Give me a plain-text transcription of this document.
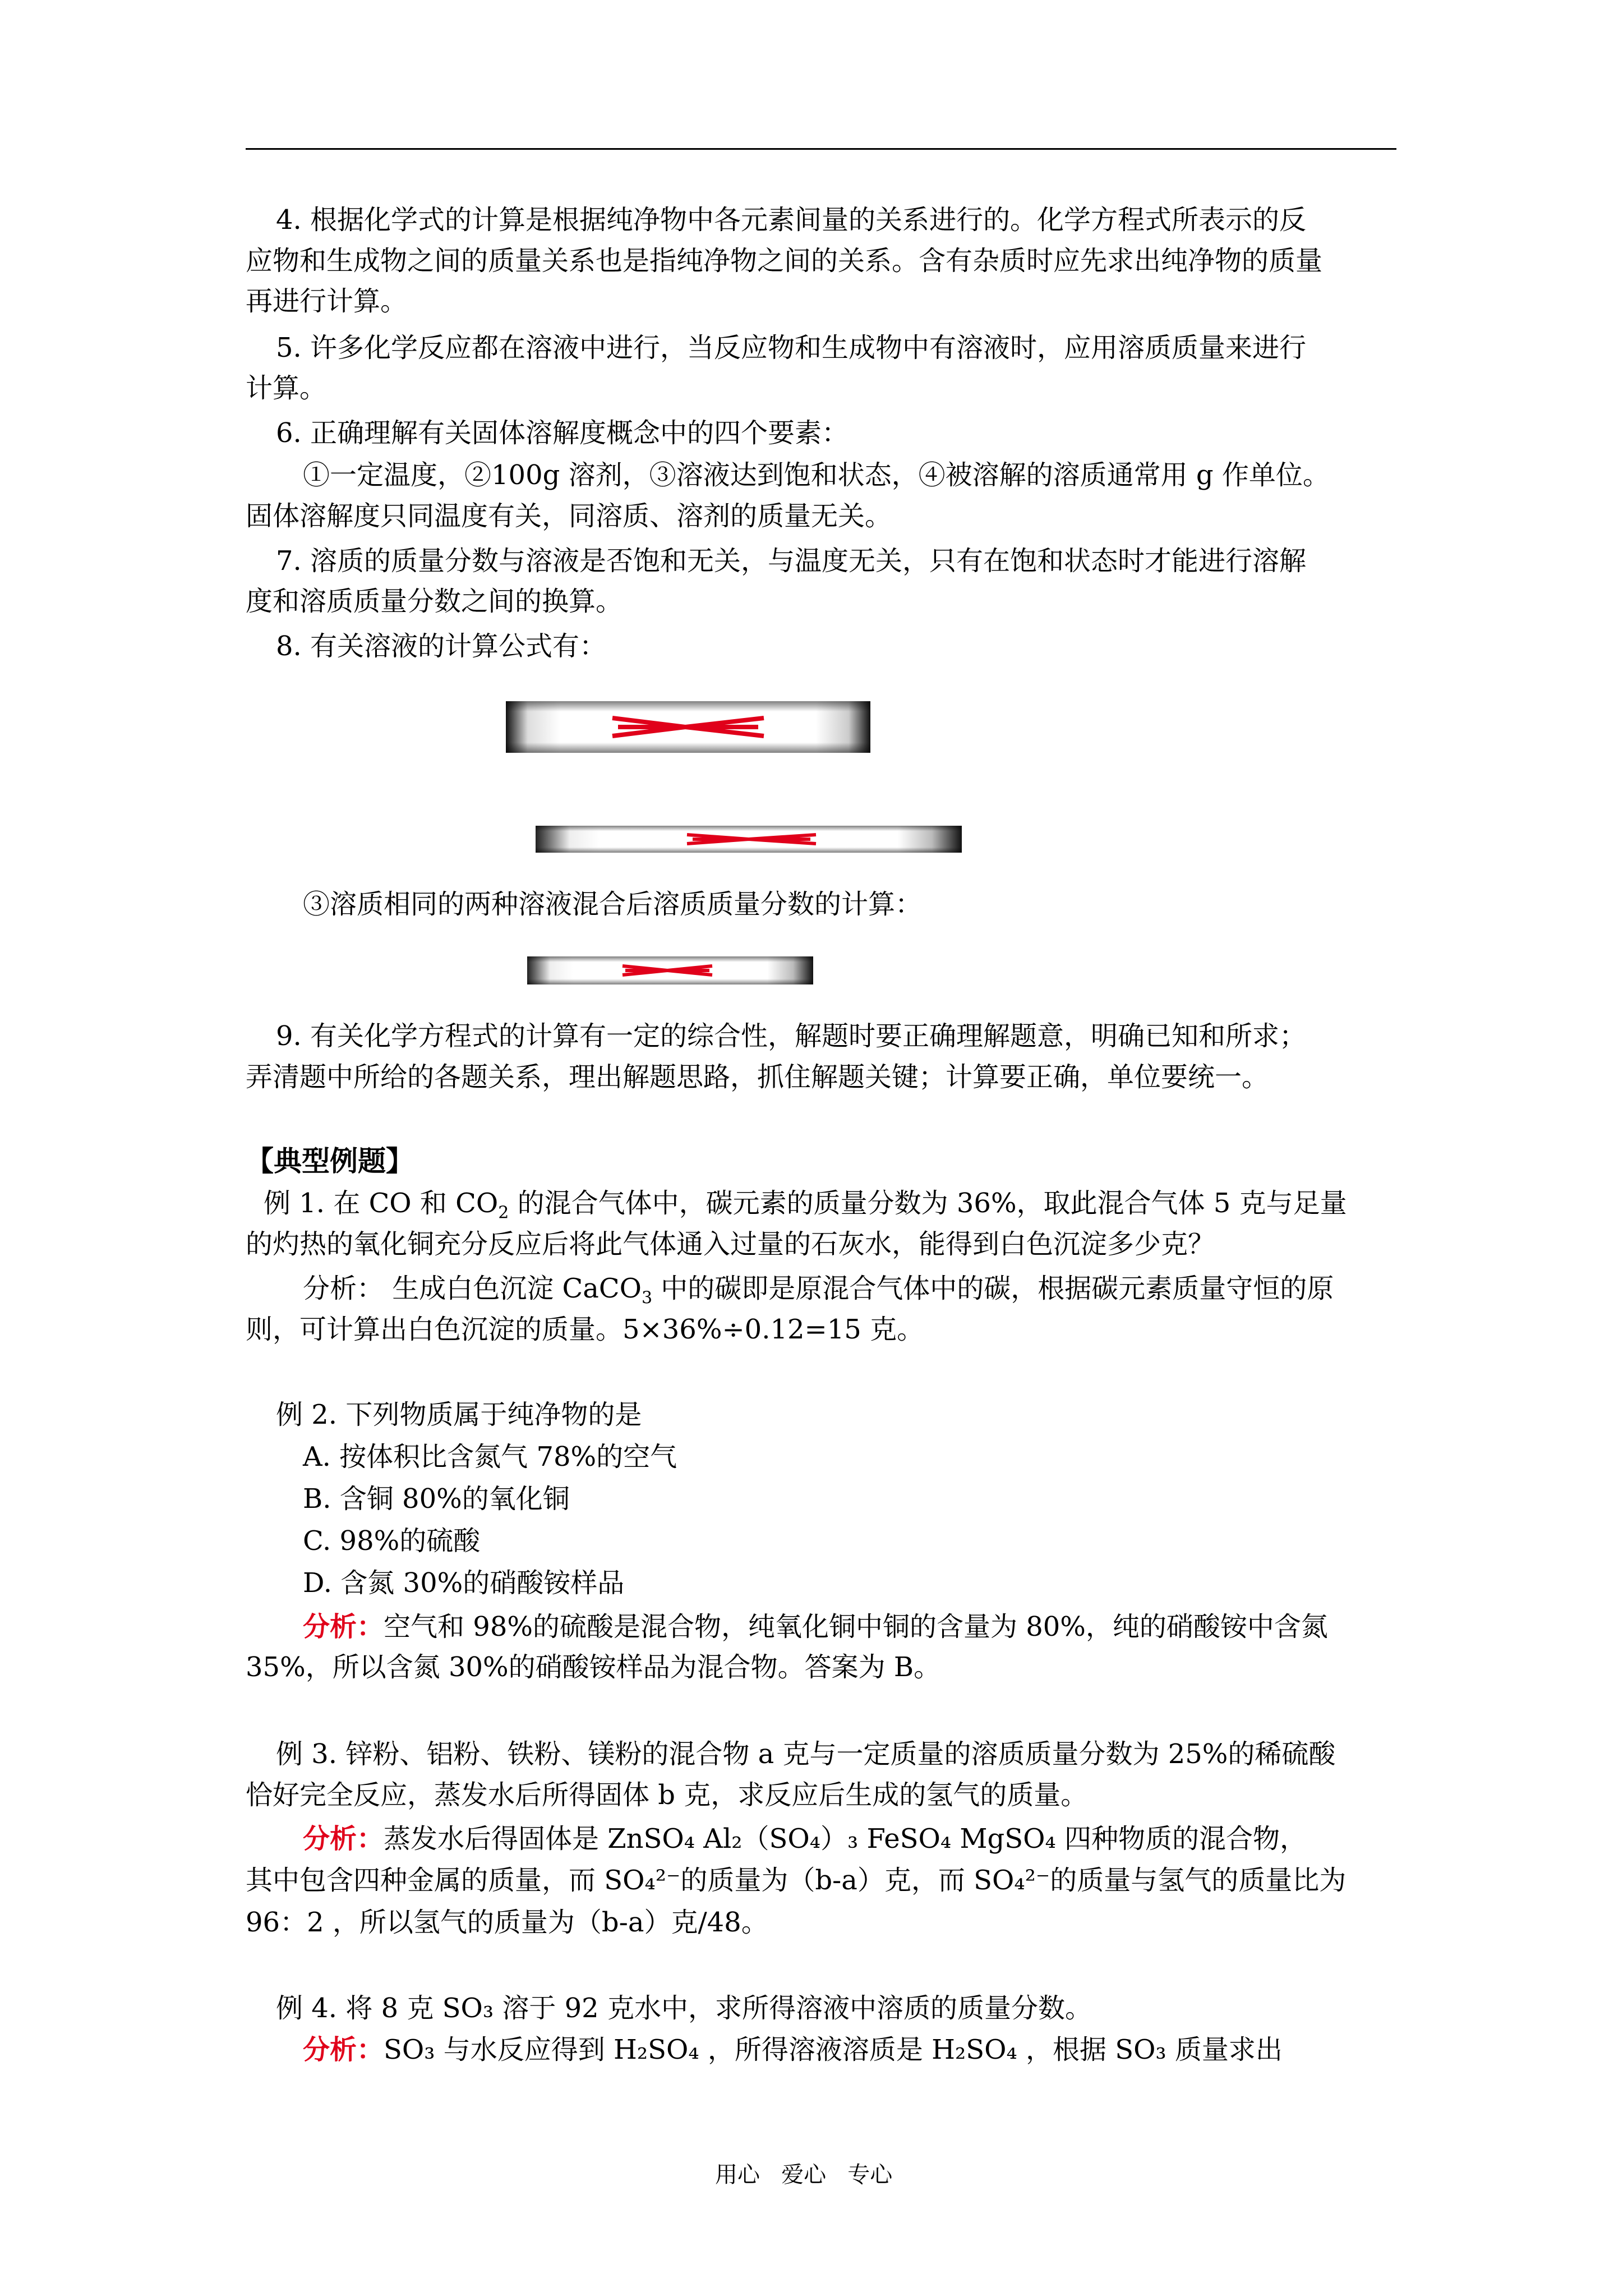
4. 根据化学式的计算是根据纯净物中各元素间量的关系进行的。化学方程式所表示的反
应物和生成物之间的质量关系也是指纯净物之间的关系。含有杂质时应先求出纯净物的质量
再进行计算。
5. 许多化学反应都在溶液中进行，当反应物和生成物中有溶液时，应用溶质质量来进行
计算。
6. 正确理解有关固体溶解度概念中的四个要素：
①一定温度，②100g 溶剂，③溶液达到饱和状态，④被溶解的溶质通常用 g 作单位。
固体溶解度只同温度有关，同溶质、溶剂的质量无关。
7. 溶质的质量分数与溶液是否饱和无关，与温度无关，只有在饱和状态时才能进行溶解
度和溶质质量分数之间的换算。
8. 有关溶液的计算公式有：
③溶质相同的两种溶液混合后溶质质量分数的计算：
9. 有关化学方程式的计算有一定的综合性，解题时要正确理解题意，明确已知和所求；
弄清题中所给的各题关系，理出解题思路，抓住解题关键；计算要正确，单位要统一。
【典型例题】
例 1. 在 CO 和 $CO_2$ 的混合气体中，碳元素的质量分数为 36%，取此混合气体 5 克与足量
的灼热的氧化铜充分反应后将此气体通入过量的石灰水，能得到白色沉淀多少克？
分析： 生成白色沉淀 CaCO$_3$ 中的碳即是原混合气体中的碳，根据碳元素质量守恒的原
则，可计算出白色沉淀的质量。5×36%÷0.12=15 克。
例 2. 下列物质属于纯净物的是
A. 按体积比含氮气 78%的空气
B. 含铜 80%的氧化铜
C. 98%的硫酸
D. 含氮 30%的硝酸铵样品
分析：空气和 98%的硫酸是混合物，纯氧化铜中铜的含量为 80%，纯的硝酸铵中含氮
35%，所以含氮 30%的硝酸铵样品为混合物。答案为 B。
例 3. 锌粉、铝粉、铁粉、镁粉的混合物 a 克与一定质量的溶质质量分数为 25%的稀硫酸
恰好完全反应，蒸发水后所得固体 b 克，求反应后生成的氢气的质量。
分析：蒸发水后得固体是 ZnSO₄ Al₂（SO₄）₃ FeSO₄ MgSO₄ 四种物质的混合物，
其中包含四种金属的质量，而 SO₄²⁻的质量为（b-a）克，而 SO₄²⁻的质量与氢气的质量比为
96：2 ，所以氢气的质量为（b-a）克/48。
例 4. 将 8 克 SO₃ 溶于 92 克水中，求所得溶液中溶质的质量分数。
分析：SO₃ 与水反应得到 H₂SO₄ ，所得溶液溶质是 H₂SO₄ ，根据 SO₃ 质量求出
用心   爱心   专心
